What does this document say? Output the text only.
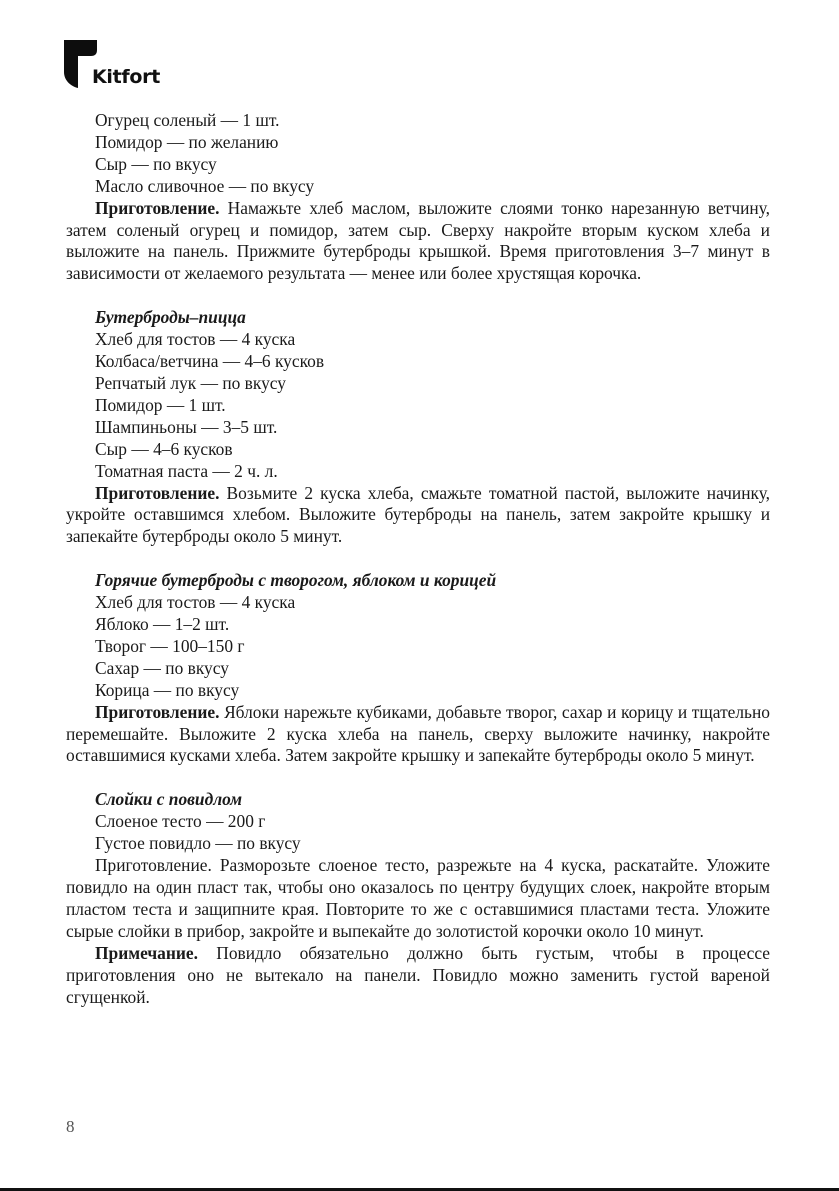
Kitfort
Огурец соленый — 1 шт.
Помидор — по желанию
Сыр — по вкусу
Масло сливочное — по вкусу

Приготовление. Намажьте хлеб маслом, выложите слоями тонко нарезанную ветчину, затем соленый огурец и помидор, затем сыр. Сверху накройте вторым куском хлеба и выложите на панель. Прижмите бутерброды крышкой. Время приготовления 3–7 минут в зависимости от желаемого результата — менее или более хрустящая корочка.

Бутерброды–пицца
Хлеб для тостов — 4 куска
Колбаса/ветчина — 4–6 кусков
Репчатый лук — по вкусу
Помидор — 1 шт.
Шампиньоны — 3–5 шт.
Сыр — 4–6 кусков
Томатная паста — 2 ч. л.

Приготовление. Возьмите 2 куска хлеба, смажьте томатной пастой, выложите начинку, укройте оставшимся хлебом. Выложите бутерброды на панель, затем закройте крышку и запекайте бутерброды около 5 минут.

Горячие бутерброды с творогом, яблоком и корицей
Хлеб для тостов — 4 куска
Яблоко — 1–2 шт.
Творог — 100–150 г
Сахар — по вкусу
Корица — по вкусу

Приготовление. Яблоки нарежьте кубиками, добавьте творог, сахар и корицу и тщательно перемешайте. Выложите 2 куска хлеба на панель, сверху выложите начинку, накройте оставшимися кусками хлеба. Затем закройте крышку и запекайте бутерброды около 5 минут.

Слойки с повидлом
Слоеное тесто — 200 г
Густое повидло — по вкусу

Приготовление. Разморозьте слоеное тесто, разрежьте на 4 куска, раскатайте. Уложите повидло на один пласт так, чтобы оно оказалось по центру будущих слоек, накройте вторым пластом теста и защипните края. Повторите то же с оставшимися пластами теста. Уложите сырые слойки в прибор, закройте и выпекайте до золотистой корочки около 10 минут.

Примечание. Повидло обязательно должно быть густым, чтобы в процессе приготовления оно не вытекало на панели. Повидло можно заменить густой вареной сгущенкой.

8
